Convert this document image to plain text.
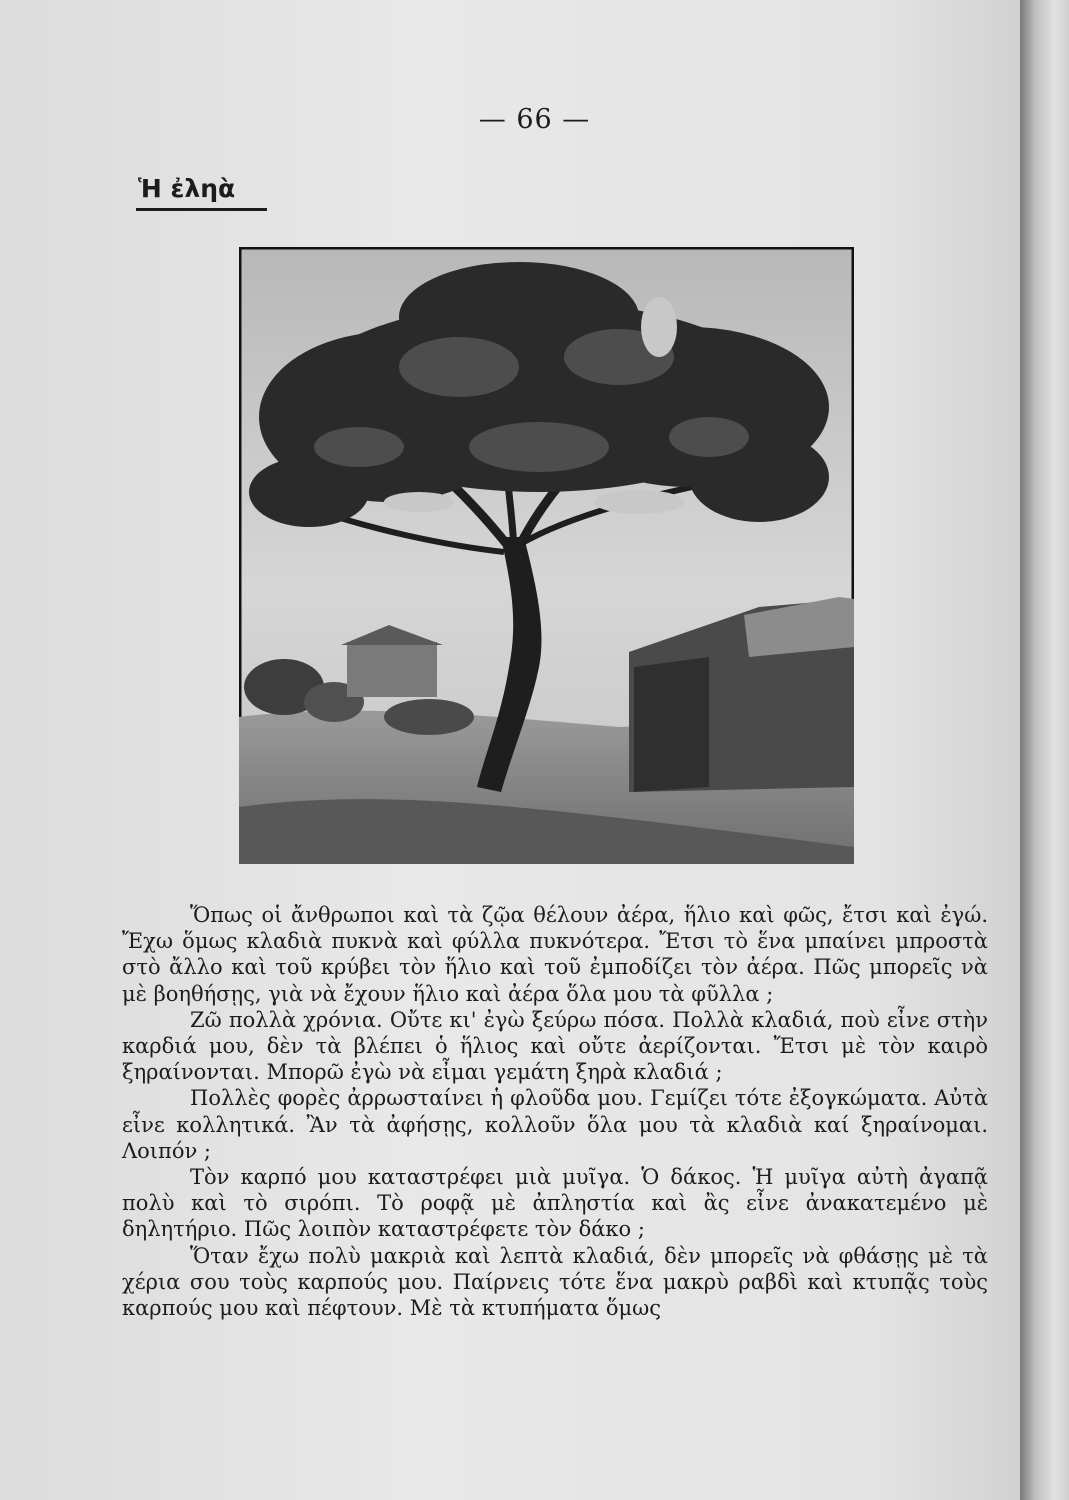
— 66 —
Ἡ ἐληὰ

Ὅπως οἱ ἄνθρωποι καὶ τὰ ζῷα θέλουν ἀέρα, ἥλιο καὶ φῶς, ἔτσι καὶ ἐγώ. Ἔχω ὅμως κλαδιὰ πυκνὰ καὶ φύλλα πυκνότερα. Ἔτσι τὸ ἕνα μπαίνει μπροστὰ στὸ ἄλλο καὶ τοῦ κρύβει τὸν ἥλιο καὶ τοῦ ἐμποδίζει τὸν ἀέρα. Πῶς μπορεῖς νὰ μὲ βοηθήσῃς, γιὰ νὰ ἔχουν ἥλιο καὶ ἀέρα ὅλα μου τὰ φῦλλα ;

Ζῶ πολλὰ χρόνια. Οὔτε κι' ἐγὼ ξεύρω πόσα. Πολλὰ κλαδιά, ποὺ εἶνε στὴν καρδιά μου, δὲν τὰ βλέπει ὁ ἥλιος καὶ οὔτε ἀερίζονται. Ἔτσι μὲ τὸν καιρὸ ξηραίνονται. Μπορῶ ἐγὼ νὰ εἶμαι γεμάτη ξηρὰ κλαδιά ;

Πολλὲς φορὲς ἀρρωσταίνει ἡ φλοῦδα μου. Γεμίζει τότε ἐξογκώματα. Αὐτὰ εἶνε κολλητικά. Ἂν τὰ ἀφήσῃς, κολλοῦν ὅλα μου τὰ κλαδιὰ καί ξηραίνομαι. Λοιπόν ;

Τὸν καρπό μου καταστρέφει μιὰ μυῖγα. Ὁ δάκος. Ἡ μυῖγα αὐτὴ ἀγαπᾷ πολὺ καὶ τὸ σιρόπι. Τὸ ροφᾷ μὲ ἀπληστία καὶ ἂς εἶνε ἀνακατεμένο μὲ δηλητήριο. Πῶς λοιπὸν καταστρέφετε τὸν δάκο ;

Ὅταν ἔχω πολὺ μακριὰ καὶ λεπτὰ κλαδιά, δὲν μπορεῖς νὰ φθάσῃς μὲ τὰ χέρια σου τοὺς καρπούς μου. Παίρνεις τότε ἕνα μακρὺ ραβδὶ καὶ κτυπᾷς τοὺς καρπούς μου καὶ πέφτουν. Μὲ τὰ κτυπήματα ὅμως
